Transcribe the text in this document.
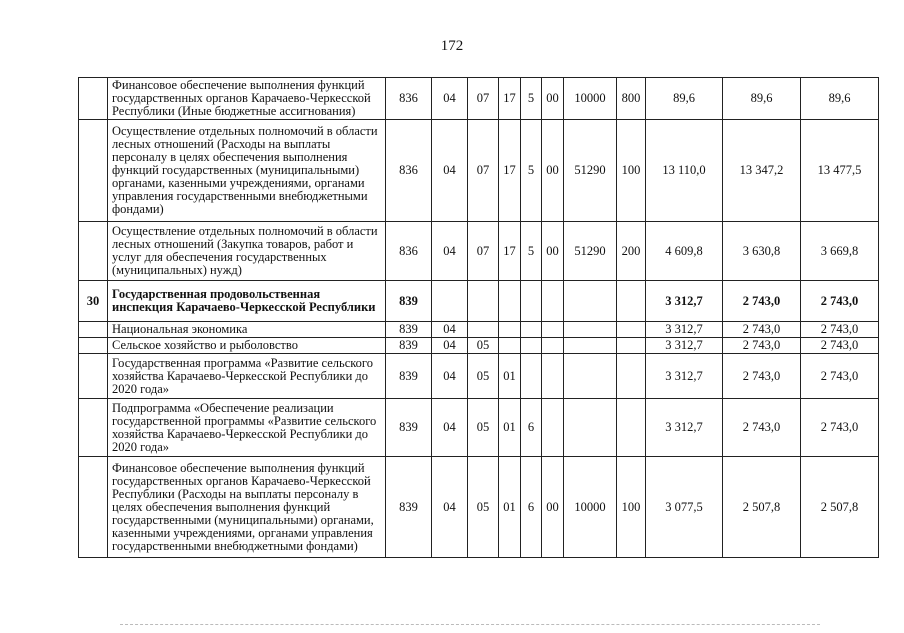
172
	Финансовое обеспечение выполнения функций государственных органов Карачаево-Черкесской Республики (Иные бюджетные ассигнования)	836	04	07	17	5	00	10000	800	89,6	89,6	89,6
	Осуществление отдельных полномочий в области лесных отношений (Расходы на выплаты персоналу в целях обеспечения выполнения функций государственных (муниципальными) органами, казенными учреждениями, органами управления государственными внебюджетными фондами)	836	04	07	17	5	00	51290	100	13 110,0	13 347,2	13 477,5
	Осуществление отдельных полномочий в области лесных отношений (Закупка товаров, работ и услуг для обеспечения государственных (муниципальных) нужд)	836	04	07	17	5	00	51290	200	4 609,8	3 630,8	3 669,8
30	Государственная продовольственная инспекция Карачаево-Черкесской Республики	839								3 312,7	2 743,0	2 743,0
	Национальная экономика	839	04							3 312,7	2 743,0	2 743,0
	Сельское хозяйство и рыболовство	839	04	05						3 312,7	2 743,0	2 743,0
	Государственная программа «Развитие сельского хозяйства Карачаево-Черкесской Республики до 2020 года»	839	04	05	01					3 312,7	2 743,0	2 743,0
	Подпрограмма «Обеспечение реализации государственной программы «Развитие сельского хозяйства Карачаево-Черкесской Республики до 2020 года»	839	04	05	01	6				3 312,7	2 743,0	2 743,0
	Финансовое обеспечение выполнения функций государственных органов Карачаево-Черкесской Республики (Расходы на выплаты персоналу в целях обеспечения выполнения функций государственными (муниципальными) органами, казенными учреждениями, органами управления государственными внебюджетными фондами)	839	04	05	01	6	00	10000	100	3 077,5	2 507,8	2 507,8
